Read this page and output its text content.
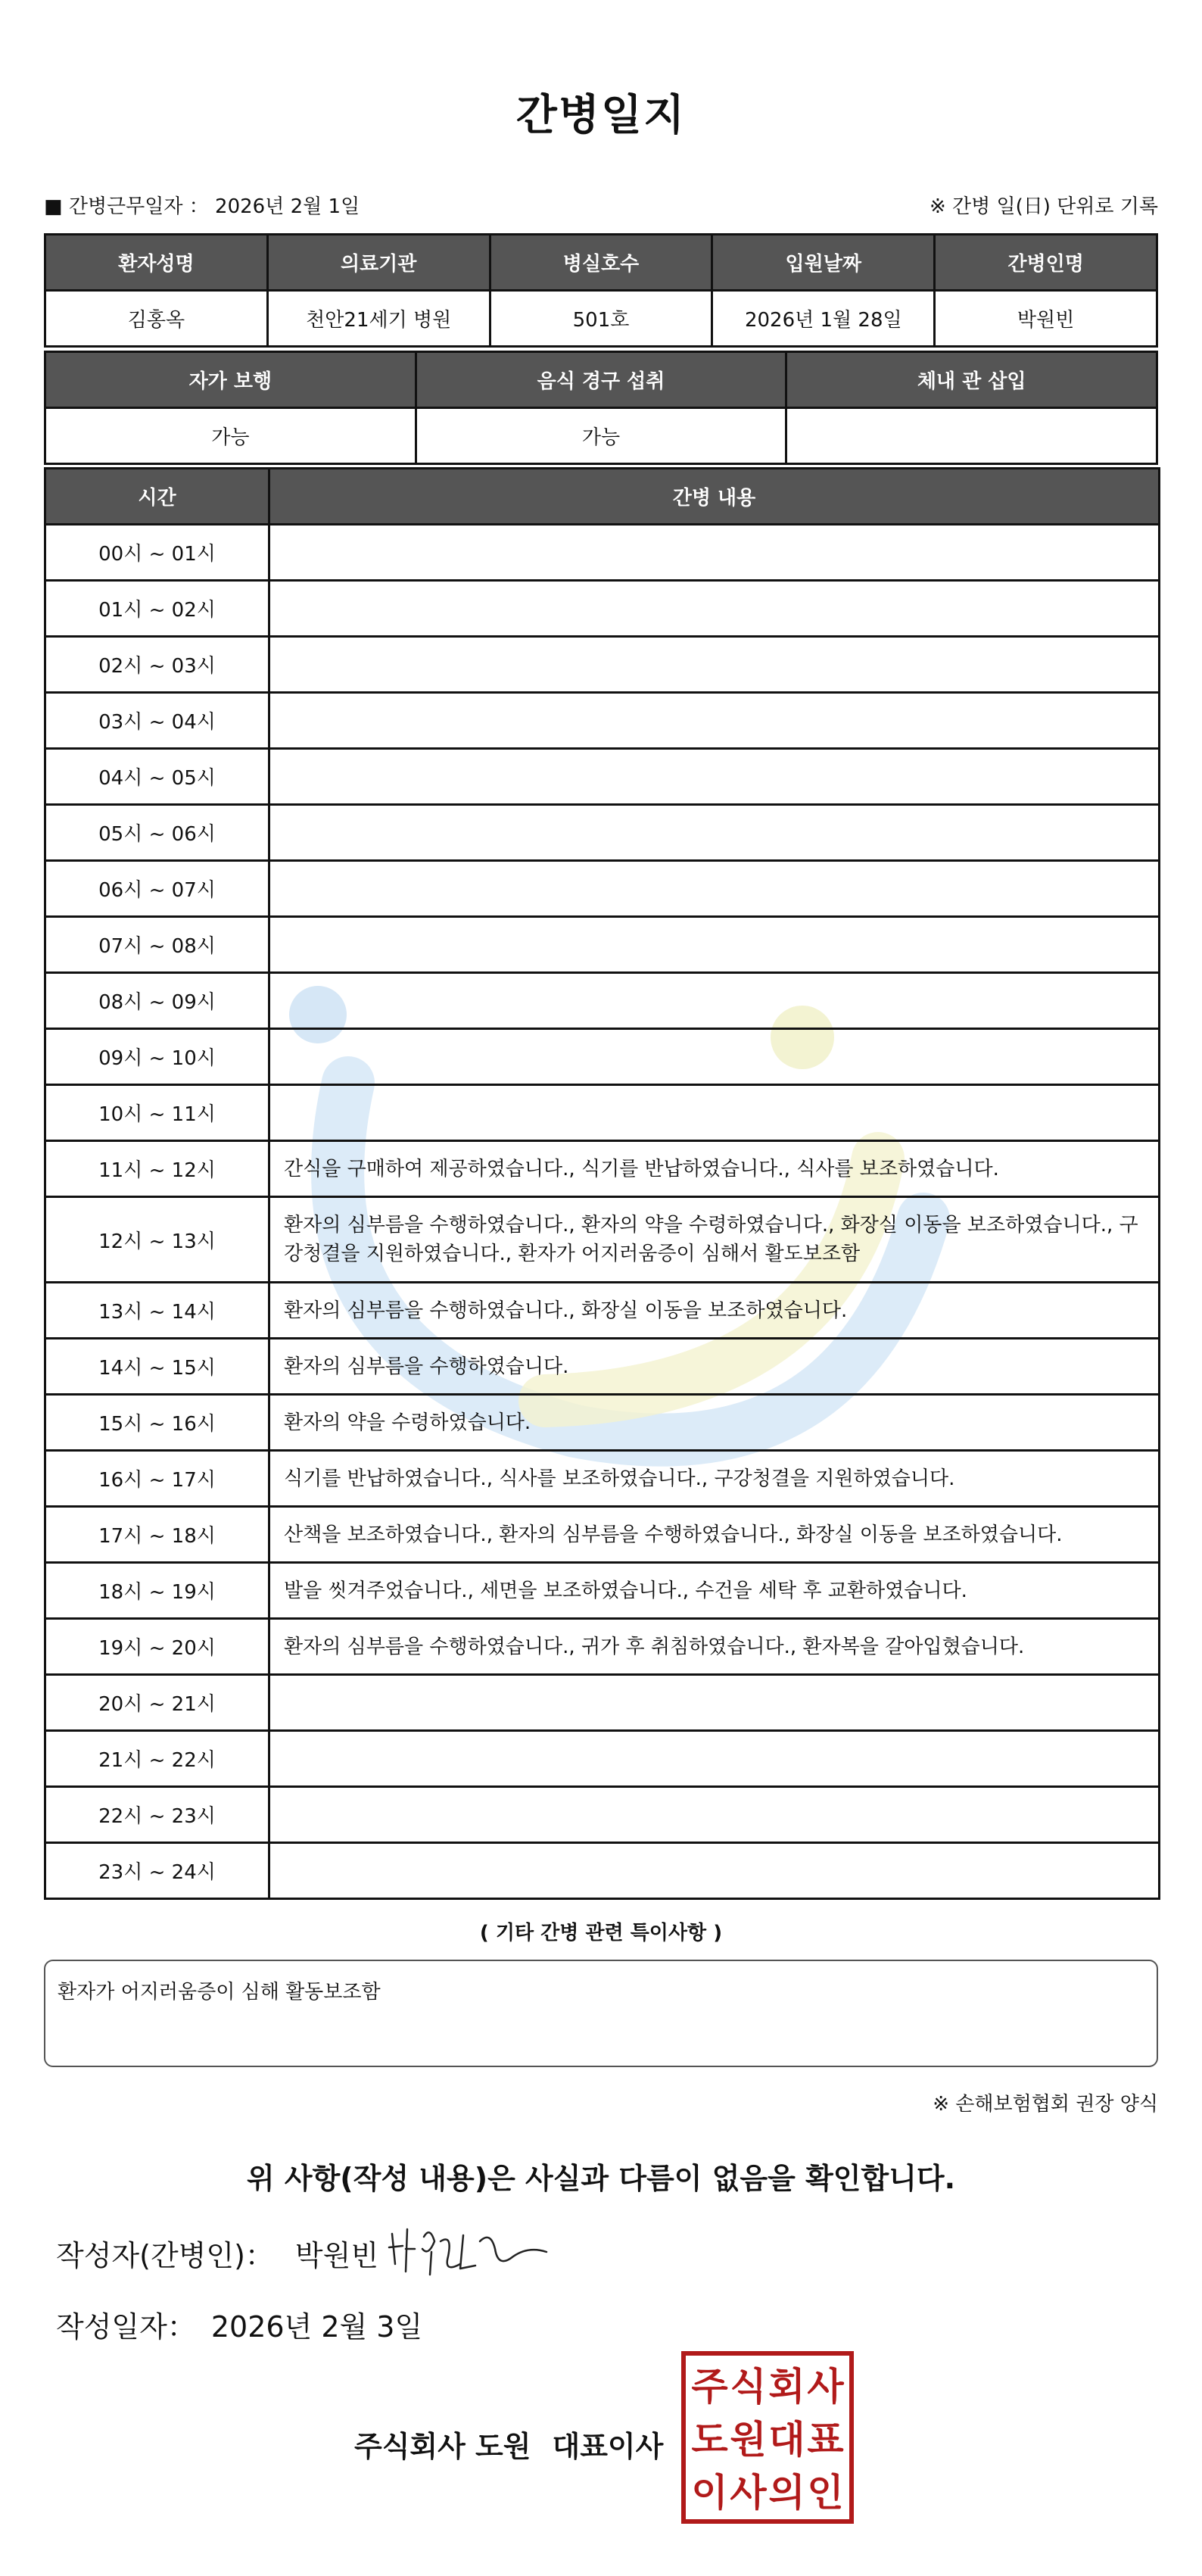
간병일지
■ 간병근무일자 ： 2026년 2월 1일	※ 간병 일(日) 단위로 기록
환자성명	의료기관	병실호수	입원날짜	간병인명
김홍옥	천안21세기 병원	501호	2026년 1월 28일	박원빈
자가 보행	음식 경구 섭취	체내 관 삽입
가능	가능	
시간	간병 내용
00시 ~ 01시	
01시 ~ 02시	
02시 ~ 03시	
03시 ~ 04시	
04시 ~ 05시	
05시 ~ 06시	
06시 ~ 07시	
07시 ~ 08시	
08시 ~ 09시	
09시 ~ 10시	
10시 ~ 11시	
11시 ~ 12시	간식을 구매하여 제공하였습니다., 식기를 반납하였습니다., 식사를 보조하였습니다.
12시 ~ 13시	환자의 심부름을 수행하였습니다., 환자의 약을 수령하였습니다., 화장실 이동을 보조하였습니다., 구강청결을 지원하였습니다., 환자가 어지러움증이 심해서 활도보조함
13시 ~ 14시	환자의 심부름을 수행하였습니다., 화장실 이동을 보조하였습니다.
14시 ~ 15시	환자의 심부름을 수행하였습니다.
15시 ~ 16시	환자의 약을 수령하였습니다.
16시 ~ 17시	식기를 반납하였습니다., 식사를 보조하였습니다., 구강청결을 지원하였습니다.
17시 ~ 18시	산책을 보조하였습니다., 환자의 심부름을 수행하였습니다., 화장실 이동을 보조하였습니다.
18시 ~ 19시	발을 씻겨주었습니다., 세면을 보조하였습니다., 수건을 세탁 후 교환하였습니다.
19시 ~ 20시	환자의 심부름을 수행하였습니다., 귀가 후 취침하였습니다., 환자복을 갈아입혔습니다.
20시 ~ 21시	
21시 ~ 22시	
22시 ~ 23시	
23시 ~ 24시	
( 기타 간병 관련 특이사항 )
환자가 어지러움증이 심해 활동보조함
※ 손해보험협회 권장 양식
위 사항(작성 내용)은 사실과 다름이 없음을 확인합니다.
작성자(간병인)： 박원빈
작성일자： 2026년 2월 3일
주식회사 도원 대표이사
주 식 회 사
도 원 대 표
이 사 의 인
